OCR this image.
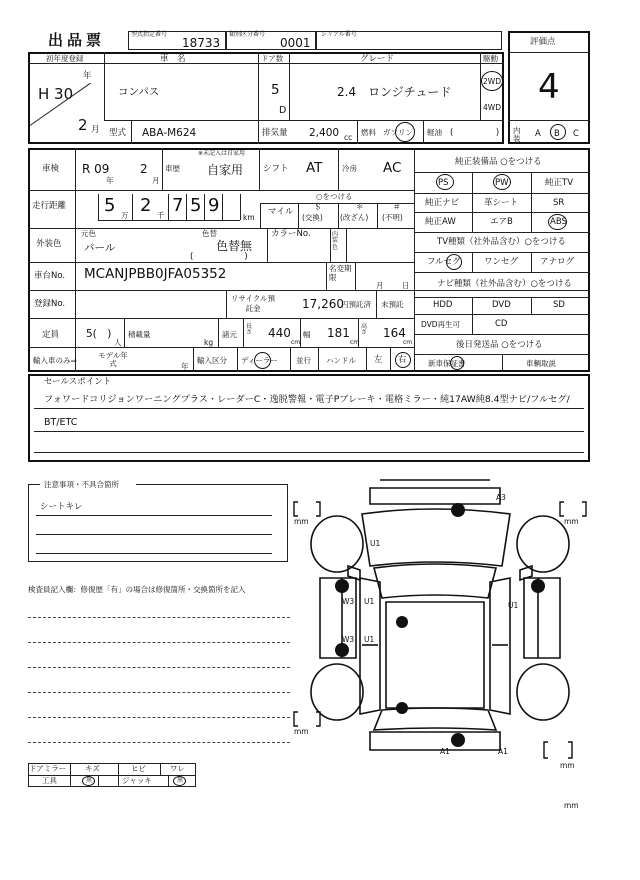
出品票	型式指定番号
18733
類別区分番号
0001
シリアル番号
初年度登録
年
H 30
2 月
車　名
コンパス
ドア数
5
D
グレード
2.4　ロンジチュード
駆動
2WD
4WD
型式 ABA-M624	排気量 2,400 cc
燃料 ガソリン 軽油 (　　　　　) 内装	A B C
評価点
4
車検 R 09
年
2
月
車歴
※未記入は自家用
自家用 シフト AT	冷房 AC
走行距離 5 万 2 千 7 5 9
km
○をつける
マイル
＄
(交換)
＊
(改ざん)
＃
(不明)
外装色
元色
パール
色替
色替無
(　　　　　　)
カラーNo.	内装色
車台No. MCANJPBB0JFA05352	名変期限
月 日
登録No.
リサイクル預託金	17,260
円預託済 未預託
定員	5(　)
人
積載量
kg
諸元
長さ 440
cm
幅 181
cm
高さ 164
cm
輸入車のみ⇒
モデル年式	年
輸入区分 ディーラー 並行 ハンドル 左 右
純正装備品 ○をつける
PS	PW	純正TV
純正ナビ	革シート	SR
純正AW	エアB	ABS
TV種類（社外品含む）○をつける
フルセグ	ワンセグ	アナログ
ナビ種類（社外品含む）○をつける
HDD	DVD	SD
DVD再生可	CD
後日発送品 ○をつける
新車保証書	車輌取説
セールスポイント
フォワードコリジョンワーニングプラス・レーダーC・逸脱警報・電子Pブレーキ・電格ミラー・純17AW純8.4型ナビ/フルセグ/
BT/ETC
注意事項・不具合箇所
シートキレ
検査員記入欄：修復歴「有」の場合は修復箇所・交換箇所を記入
ドアミラー キズ	ヒビ	ワレ
工具	無	ジャッキ	無
A3
mm	mm
U1
W3 U1	U1
W3 U1
mm
A1	A1
mm
mm
